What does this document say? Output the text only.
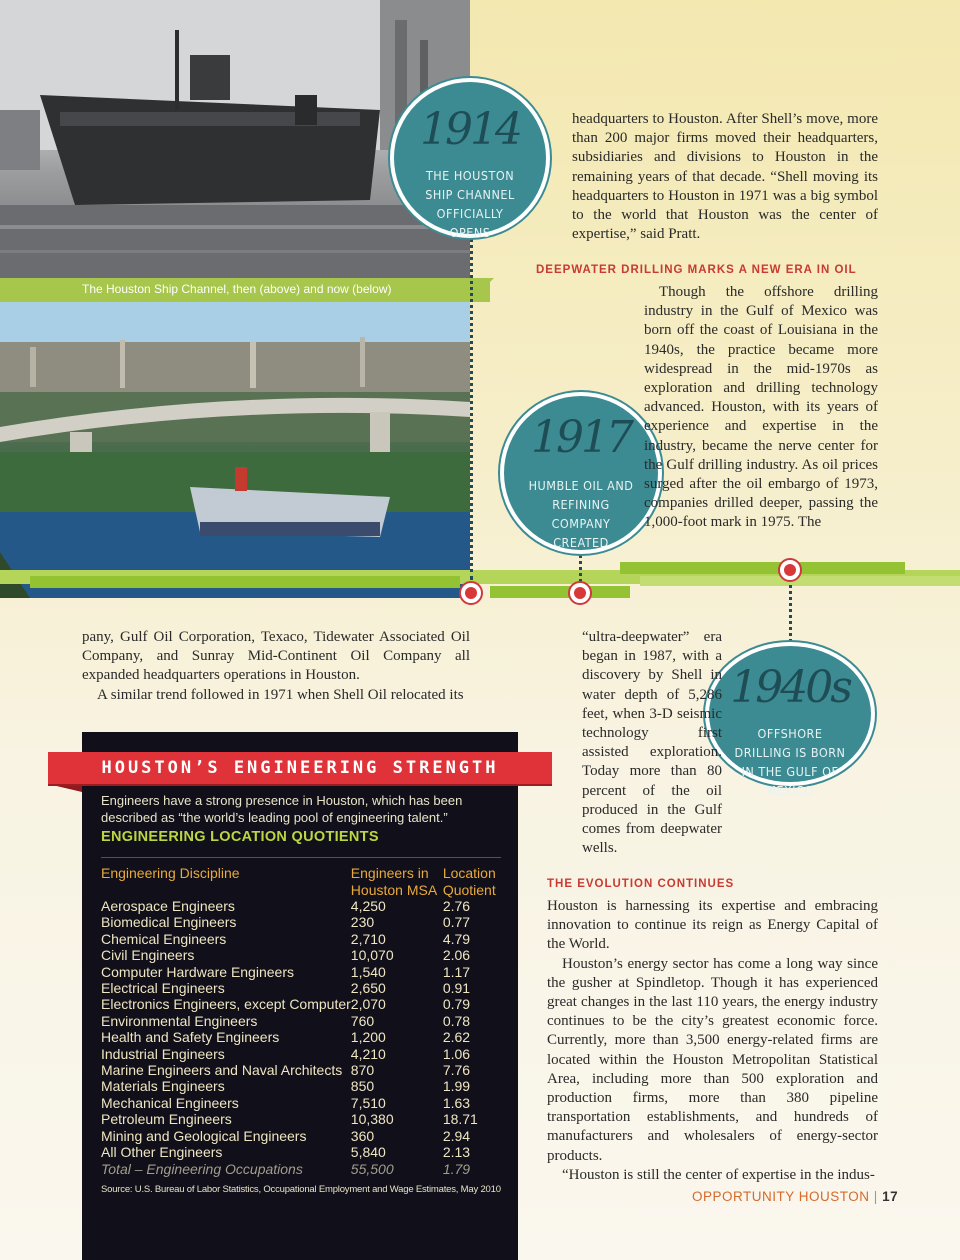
The Houston Ship Channel, then (above) and now (below)
1914
THE HOUSTON SHIP CHANNEL OFFICIALLY OPENS
1917
HUMBLE OIL AND REFINING COMPANY CREATED
1940s
OFFSHORE DRILLING IS BORN IN THE GULF OF MEXICO

headquarters to Houston. After Shell’s move, more than 200 major firms moved their headquarters, subsidiaries and divisions to Houston in the remaining years of that decade. “Shell moving its headquarters to Houston in 1971 was a big symbol to the world that Houston was the center of expertise,” said Pratt.

DEEPWATER DRILLING MARKS A NEW ERA IN OIL

Though the offshore drilling industry in the Gulf of Mexico was born off the coast of Louisiana in the 1940s, the practice became more widespread in the mid-1970s as exploration and drilling technology advanced. Houston, with its years of experience and expertise in the industry, became the nerve center for the Gulf drilling industry. As oil prices surged after the oil embargo of 1973, companies drilled deeper, passing the 1,000-foot mark in 1975. The

pany, Gulf Oil Corporation, Texaco, Tidewater Associated Oil Company, and Sunray Mid-Continent Oil Company all expanded headquarters operations in Houston.

A similar trend followed in 1971 when Shell Oil relocated its

“ultra-deepwater” era began in 1987, with a discovery by Shell in water depth of 5,286 feet, when 3-D seismic technology first assisted exploration. Today more than 80 percent of the oil produced in the Gulf comes from deepwater wells.

THE EVOLUTION CONTINUES

Houston is harnessing its expertise and embracing innovation to continue its reign as Energy Capital of the World.

Houston’s energy sector has come a long way since the gusher at Spindletop. Though it has experienced great changes in the last 110 years, the energy industry continues to be the city’s greatest economic force. Currently, more than 3,500 energy-related firms are located within the Houston Metropolitan Statistical Area, including more than 500 exploration and production firms, more than 380 pipeline transportation establishments, and hundreds of manufacturers and wholesalers of energy-sector products.

“Houston is still the center of expertise in the indus-

HOUSTON’S ENGINEERING STRENGTH
Engineers have a strong presence in Houston, which has been described as “the world’s leading pool of engineering talent.”
ENGINEERING LOCATION QUOTIENTS
Engineering Discipline	Engineers in Houston MSA	Location Quotient
Aerospace Engineers	4,250	2.76
Biomedical Engineers	230	0.77
Chemical Engineers	2,710	4.79
Civil Engineers	10,070	2.06
Computer Hardware Engineers	1,540	1.17
Electrical Engineers	2,650	0.91
Electronics Engineers, except Computer	2,070	0.79
Environmental Engineers	760	0.78
Health and Safety Engineers	1,200	2.62
Industrial Engineers	4,210	1.06
Marine Engineers and Naval Architects	870	7.76
Materials Engineers	850	1.99
Mechanical Engineers	7,510	1.63
Petroleum Engineers	10,380	18.71
Mining and Geological Engineers	360	2.94
All Other Engineers	5,840	2.13
Total – Engineering Occupations	55,500	1.79
Source: U.S. Bureau of Labor Statistics, Occupational Employment and Wage Estimates, May 2010	OPPORTUNITY HOUSTON | 17
